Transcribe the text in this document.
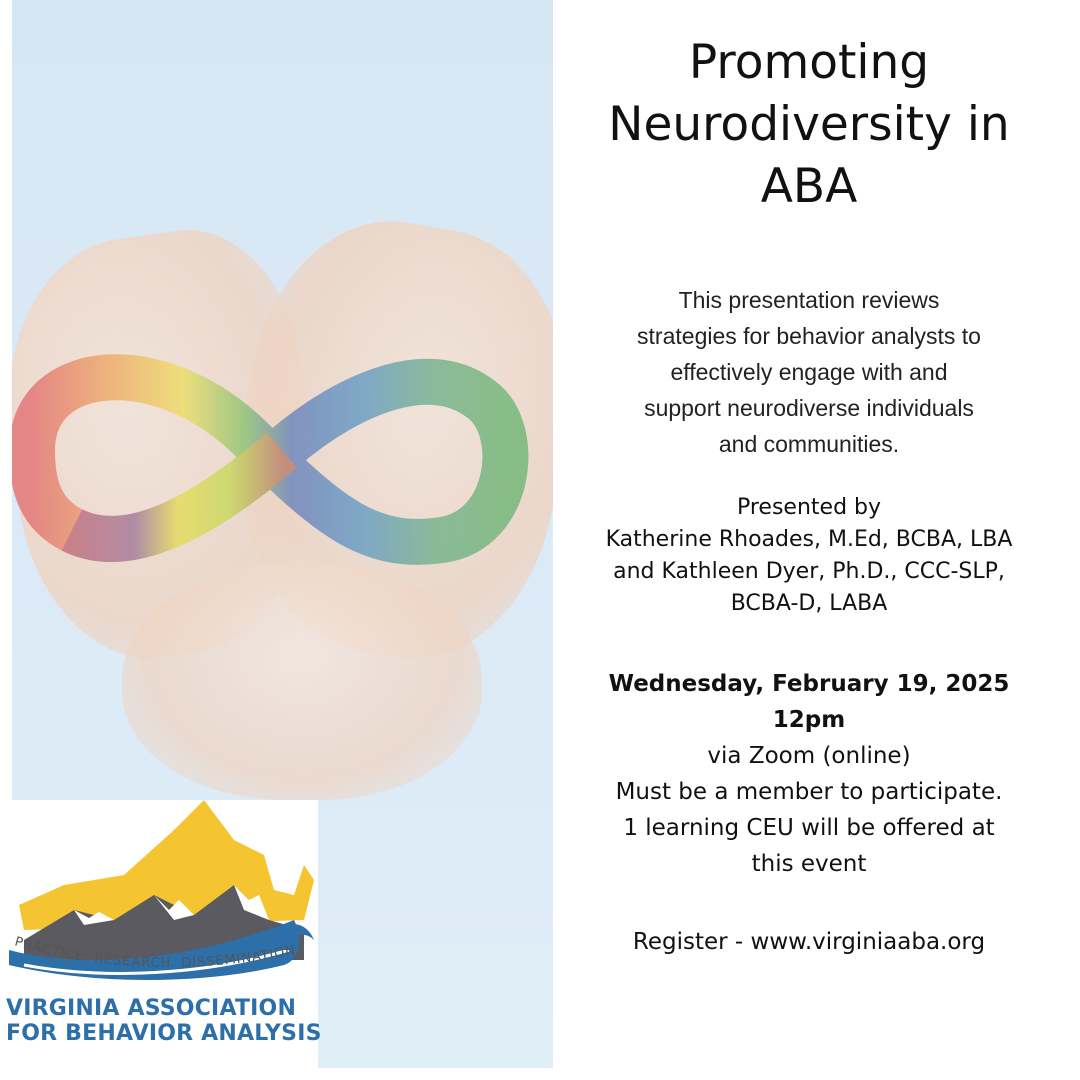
PRACTICE. RESEARCH. DISSEMINATION.
VIRGINIA ASSOCIATION
FOR BEHAVIOR ANALYSIS
Promoting
Neurodiversity in
ABA
This presentation reviews
strategies for behavior analysts to
effectively engage with and
support neurodiverse individuals
and communities.
Presented by
Katherine Rhoades, M.Ed, BCBA, LBA
and Kathleen Dyer, Ph.D., CCC-SLP,
BCBA-D, LABA
Wednesday, February 19, 2025
12pm
via Zoom (online)
Must be a member to participate.
1 learning CEU will be offered at
this event
Register - www.virginiaaba.org
